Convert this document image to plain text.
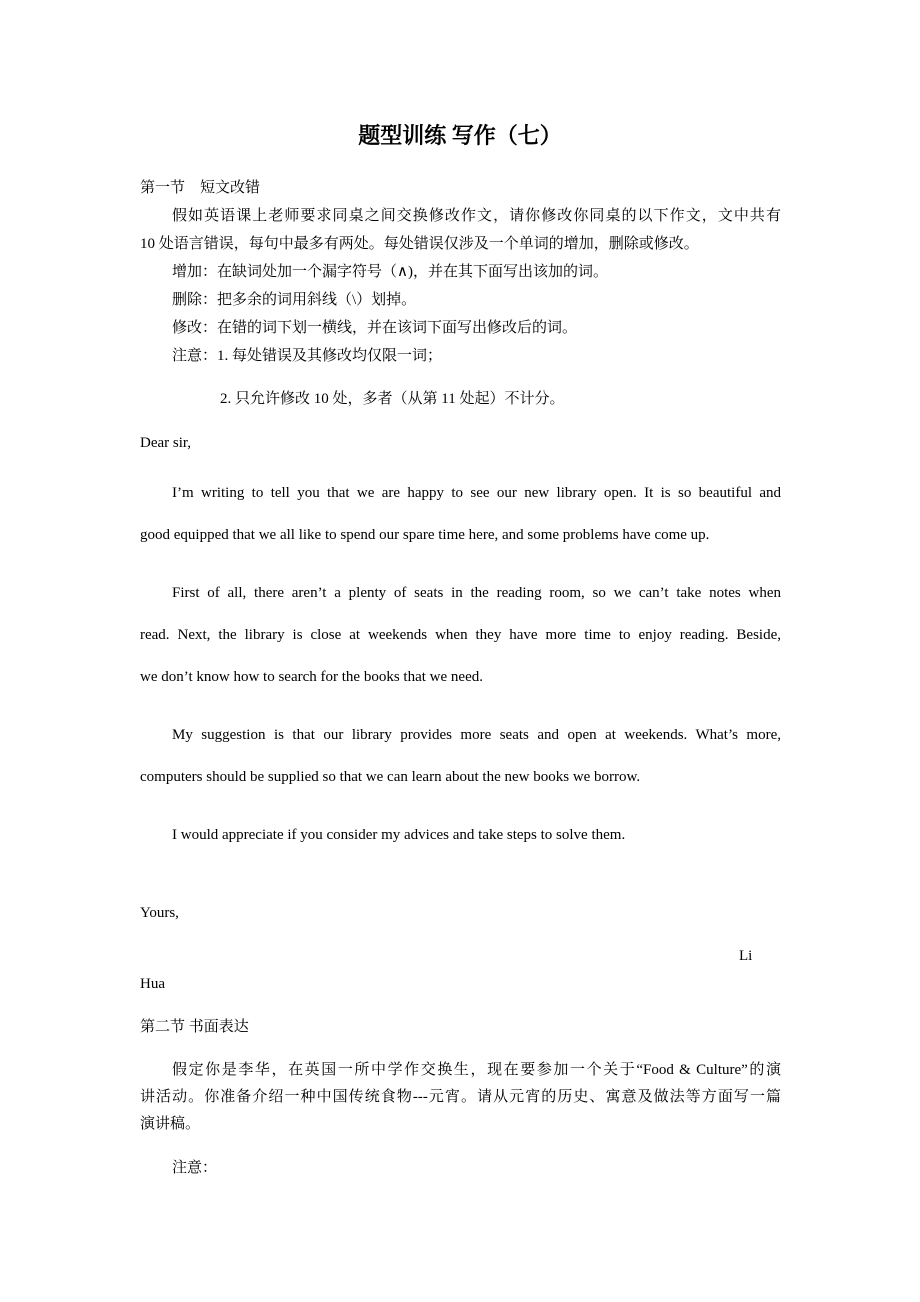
题型训练 写作（七）
第一节　短文改错
假如英语课上老师要求同桌之间交换修改作文，请你修改你同桌的以下作文，文中共有
10 处语言错误，每句中最多有两处。每处错误仅涉及一个单词的增加，删除或修改。
增加：在缺词处加一个漏字符号（∧)，并在其下面写出该加的词。
删除：把多余的词用斜线（\）划掉。
修改：在错的词下划一横线，并在该词下面写出修改后的词。
注意：1. 每处错误及其修改均仅限一词；
2. 只允许修改 10 处，多者（从第 11 处起）不计分。
Dear sir,
I’m writing to tell you that we are happy to see our new library open. It is so beautiful and
good equipped that we all like to spend our spare time here, and some problems have come up.
First of all, there aren’t a plenty of seats in the reading room, so we can’t take notes when
read. Next, the library is close at weekends when they have more time to enjoy reading. Beside,
we don’t know how to search for the books that we need.
My suggestion is that our library provides more seats and open at weekends. What’s more,
computers should be supplied so that we can learn about the new books we borrow.
I would appreciate if you consider my advices and take steps to solve them.
Yours,
Li
Hua
第二节 书面表达
假定你是李华，在英国一所中学作交换生，现在要参加一个关于“Food & Culture”的演
讲活动。你准备介绍一种中国传统食物---元宵。请从元宵的历史、寓意及做法等方面写一篇
演讲稿。
注意：
